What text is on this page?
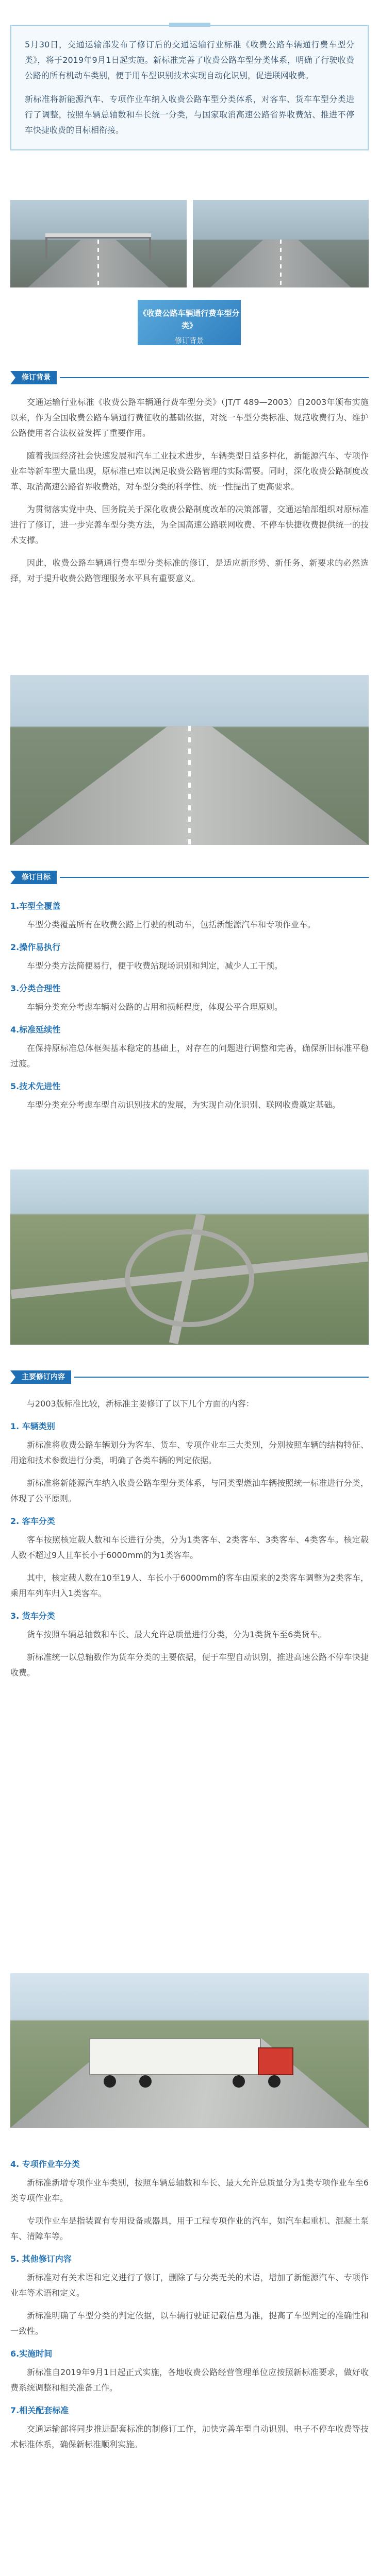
5月30日，交通运输部发布了修订后的交通运输行业标准《收费公路车辆通行费车型分类》，将于2019年9月1日起实施。新标准完善了收费公路车型分类体系，明确了行驶收费公路的所有机动车类别，便于用车型识别技术实现自动化识别，促进联网收费。

新标准将新能源汽车、专项作业车纳入收费公路车型分类体系，对客车、货车车型分类进行了调整，按照车辆总轴数和车长统一分类，与国家取消高速公路省界收费站、推进不停车快捷收费的目标相衔接。

《收费公路车辆通行费车型分类》
修订背景
修订背景

交通运输行业标准《收费公路车辆通行费车型分类》（JT/T 489—2003）自2003年颁布实施以来，作为全国收费公路车辆通行费征收的基础依据，对统一车型分类标准、规范收费行为、维护公路使用者合法权益发挥了重要作用。

随着我国经济社会快速发展和汽车工业技术进步，车辆类型日益多样化，新能源汽车、专项作业车等新车型大量出现，原标准已难以满足收费公路管理的实际需要。同时，深化收费公路制度改革、取消高速公路省界收费站，对车型分类的科学性、统一性提出了更高要求。

为贯彻落实党中央、国务院关于深化收费公路制度改革的决策部署，交通运输部组织对原标准进行了修订，进一步完善车型分类方法，为全国高速公路联网收费、不停车快捷收费提供统一的技术支撑。

因此，收费公路车辆通行费车型分类标准的修订，是适应新形势、新任务、新要求的必然选择，对于提升收费公路管理服务水平具有重要意义。

修订目标
1.车型全覆盖

车型分类覆盖所有在收费公路上行驶的机动车，包括新能源汽车和专项作业车。

2.操作易执行

车型分类方法简便易行，便于收费站现场识别和判定，减少人工干预。

3.分类合理性

车辆分类充分考虑车辆对公路的占用和损耗程度，体现公平合理原则。

4.标准延续性

在保持原标准总体框架基本稳定的基础上，对存在的问题进行调整和完善，确保新旧标准平稳过渡。

5.技术先进性

车型分类充分考虑车型自动识别技术的发展，为实现自动化识别、联网收费奠定基础。

主要修订内容

与2003版标准比较，新标准主要修订了以下几个方面的内容：

1. 车辆类别

新标准将收费公路车辆划分为客车、货车、专项作业车三大类别，分别按照车辆的结构特征、用途和技术参数进行分类，明确了各类车辆的判定依据。

新标准将新能源汽车纳入收费公路车型分类体系，与同类型燃油车辆按照统一标准进行分类，体现了公平原则。

2. 客车分类

客车按照核定载人数和车长进行分类，分为1类客车、2类客车、3类客车、4类客车。核定载人数不超过9人且车长小于6000mm的为1类客车。

其中，核定载人数在10至19人、车长小于6000mm的客车由原来的2类客车调整为2类客车，乘用车列车归入1类客车。

3. 货车分类

货车按照车辆总轴数和车长、最大允许总质量进行分类，分为1类货车至6类货车。

新标准统一以总轴数作为货车分类的主要依据，便于车型自动识别，推进高速公路不停车快捷收费。

4. 专项作业车分类

新标准新增专项作业车类别，按照车辆总轴数和车长、最大允许总质量分为1类专项作业车至6类专项作业车。

专项作业车是指装置有专用设备或器具，用于工程专项作业的汽车，如汽车起重机、混凝土泵车、清障车等。

5. 其他修订内容

新标准对有关术语和定义进行了修订，删除了与分类无关的术语，增加了新能源汽车、专项作业车等术语和定义。

新标准明确了车型分类的判定依据，以车辆行驶证记载信息为准，提高了车型判定的准确性和一致性。

6.实施时间

新标准自2019年9月1日起正式实施，各地收费公路经营管理单位应按照新标准要求，做好收费系统调整和相关准备工作。

7.相关配套标准

交通运输部将同步推进配套标准的制修订工作，加快完善车型自动识别、电子不停车收费等技术标准体系，确保新标准顺利实施。
